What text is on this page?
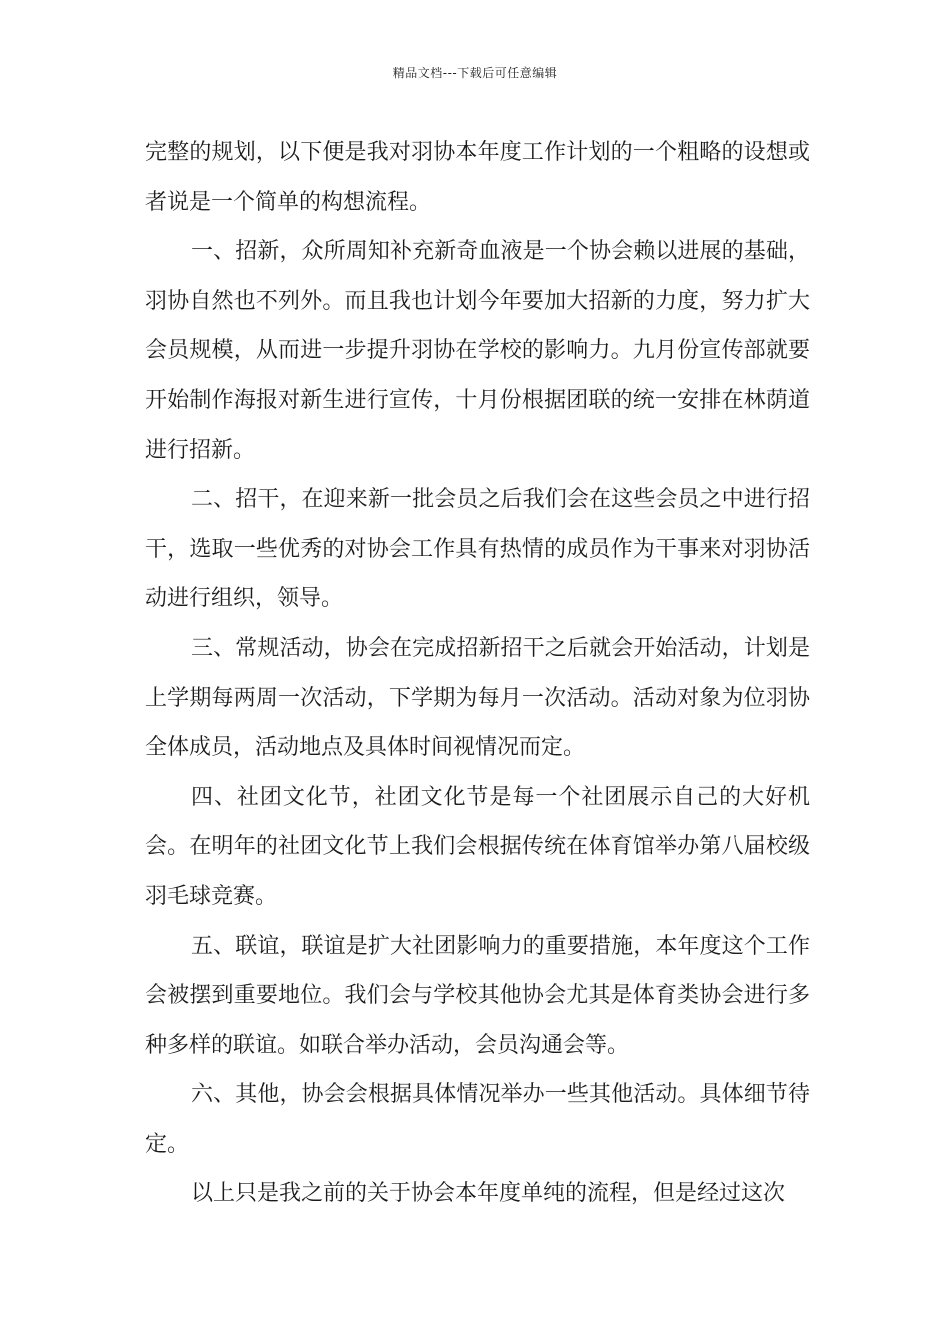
精品文档---下载后可任意编辑

完整的规划，以下便是我对羽协本年度工作计划的一个粗略的设想或者说是一个简单的构想流程。

一、招新，众所周知补充新奇血液是一个协会赖以进展的基础，羽协自然也不列外。而且我也计划今年要加大招新的力度，努力扩大会员规模，从而进一步提升羽协在学校的影响力。九月份宣传部就要开始制作海报对新生进行宣传，十月份根据团联的统一安排在林荫道进行招新。

二、招干，在迎来新一批会员之后我们会在这些会员之中进行招干，选取一些优秀的对协会工作具有热情的成员作为干事来对羽协活动进行组织，领导。

三、常规活动，协会在完成招新招干之后就会开始活动，计划是上学期每两周一次活动，下学期为每月一次活动。活动对象为位羽协全体成员，活动地点及具体时间视情况而定。

四、社团文化节，社团文化节是每一个社团展示自己的大好机会。在明年的社团文化节上我们会根据传统在体育馆举办第八届校级羽毛球竞赛。

五、联谊，联谊是扩大社团影响力的重要措施，本年度这个工作会被摆到重要地位。我们会与学校其他协会尤其是体育类协会进行多种多样的联谊。如联合举办活动，会员沟通会等。

六、其他，协会会根据具体情况举办一些其他活动。具体细节待定。

以上只是我之前的关于协会本年度单纯的流程，但是经过这次
